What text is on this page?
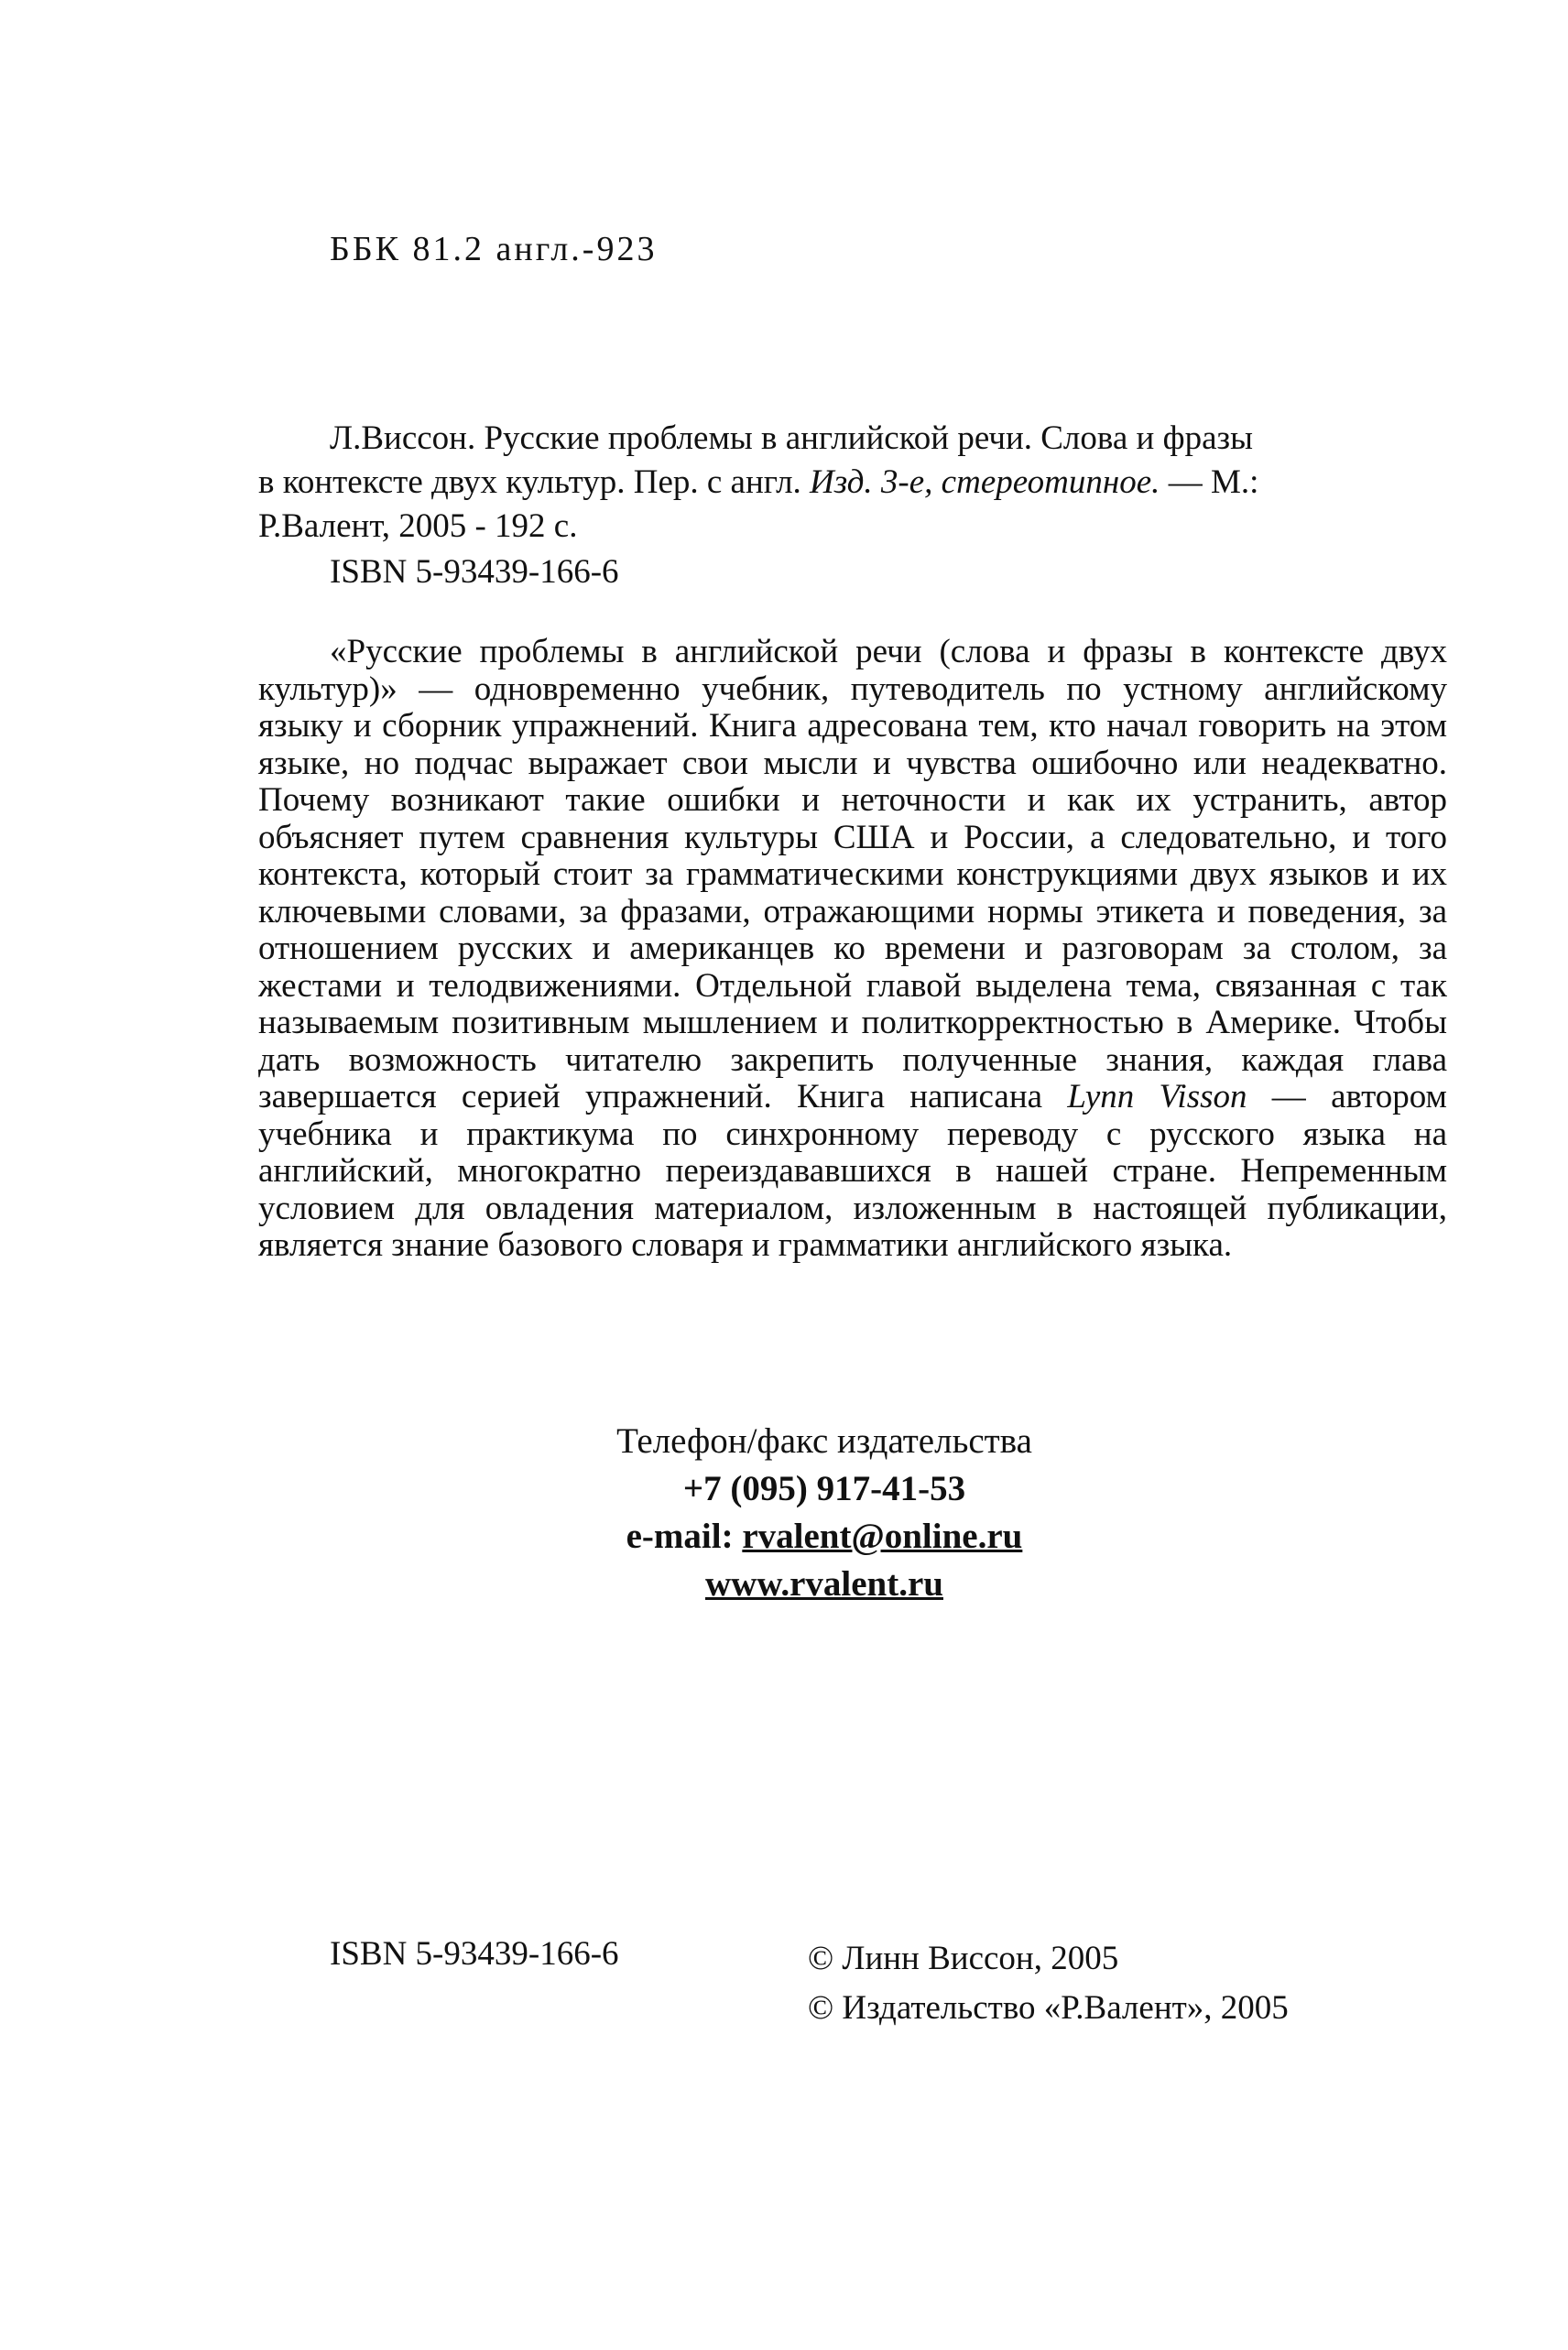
ББК 81.2 англ.-923

Л.Виссон. Русские проблемы в английской речи. Слова и фразы

в контексте двух культур. Пер. с англ. Изд. 3-е, стереотипное. — М.:

Р.Валент, 2005 - 192 с.

ISBN 5-93439-166-6

«Русские проблемы в английской речи (слова и фразы в контексте двух культур)» — одновременно учебник, путеводитель по устному английскому языку и сборник упражнений. Книга адресована тем, кто начал говорить на этом языке, но подчас выражает свои мысли и чувства ошибочно или неадекватно. Почему возникают такие ошибки и неточности и как их устранить, автор объясняет путем сравнения культуры США и России, а следовательно, и того контекста, который стоит за грамматическими конструкциями двух языков и их ключевыми словами, за фразами, отражающими нормы этикета и поведения, за отношением русских и американцев ко времени и разговорам за столом, за жестами и телодвижениями. Отдельной главой выделена тема, связанная с так называемым позитивным мышлением и политкорректностью в Америке. Чтобы дать возможность читателю закрепить полученные знания, каждая глава завершается серией упражнений. Книга написана Lynn Visson — автором учебника и практикума по синхронному переводу с русского языка на английский, многократно переиздававшихся в нашей стране. Непременным условием для овладения материалом, изложенным в настоящей публикации, является знание базового словаря и грамматики английского языка.

Телефон/факс издательства
+7 (095) 917-41-53
e-mail: rvalent@online.ru
www.rvalent.ru
ISBN 5-93439-166-6	© Линн Виссон, 2005
© Издательство «Р.Валент», 2005
